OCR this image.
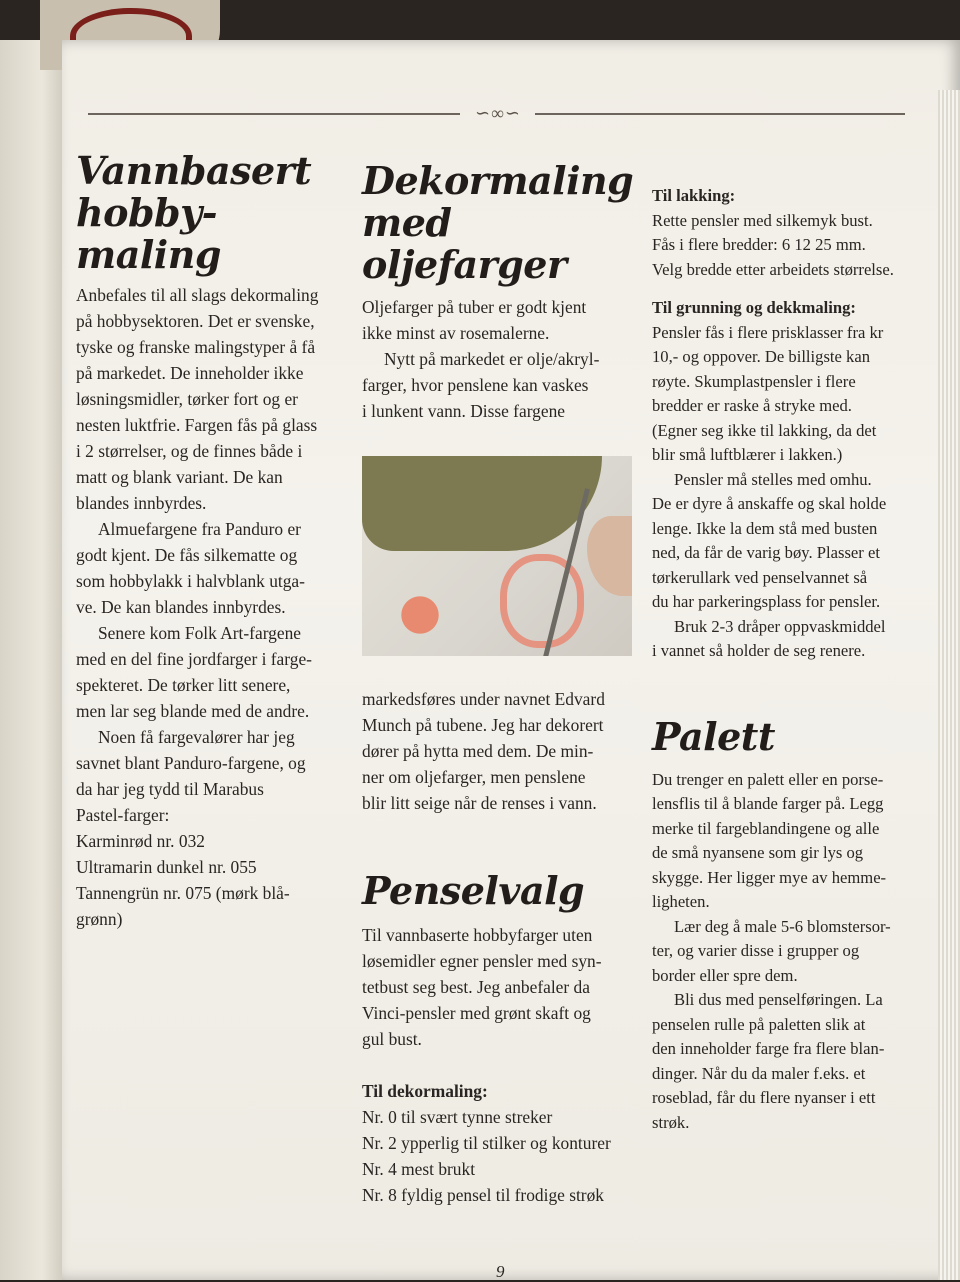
∽∞∽
Vannbasert
hobby-
maling

Anbefales til all slags dekormaling
på hobbysektoren. Det er svenske,
tyske og franske malingstyper å få
på markedet. De inneholder ikke
løsningsmidler, tørker fort og er
nesten luktfrie. Fargen fås på glass
i 2 størrelser, og de finnes både i
matt og blank variant. De kan
blandes innbyrdes.

Almuefargene fra Panduro er
godt kjent. De fås silkematte og
som hobbylakk i halvblank utga-
ve. De kan blandes innbyrdes.

Senere kom Folk Art-fargene
med en del fine jordfarger i farge-
spekteret. De tørker litt senere,
men lar seg blande med de andre.

Noen få fargevalører har jeg
savnet blant Panduro-fargene, og
da har jeg tydd til Marabus
Pastel-farger:
Karminrød nr. 032
Ultramarin dunkel nr. 055
Tannengrün nr. 075 (mørk blå-
grønn)

Dekormaling
med
oljefarger

Oljefarger på tuber er godt kjent
ikke minst av rosemalerne.

Nytt på markedet er olje/akryl-
farger, hvor penslene kan vaskes
i lunkent vann. Disse fargene

markedsføres under navnet Edvard
Munch på tubene. Jeg har dekorert
dører på hytta med dem. De min-
ner om oljefarger, men penslene
blir litt seige når de renses i vann.

Penselvalg

Til vannbaserte hobbyfarger uten
løsemidler egner pensler med syn-
tetbust seg best. Jeg anbefaler da
Vinci-pensler med grønt skaft og
gul bust.

Til dekormaling:

Nr. 0 til svært tynne streker
Nr. 2 ypperlig til stilker og konturer
Nr. 4 mest brukt
Nr. 8 fyldig pensel til frodige strøk

Til lakking:

Rette pensler med silkemyk bust.
Fås i flere bredder: 6 12 25 mm.
Velg bredde etter arbeidets størrelse.

Til grunning og dekkmaling:

Pensler fås i flere prisklasser fra kr
10,- og oppover. De billigste kan
røyte. Skumplastpensler i flere
bredder er raske å stryke med.
(Egner seg ikke til lakking, da det
blir små luftblærer i lakken.)

Pensler må stelles med omhu.
De er dyre å anskaffe og skal holde
lenge. Ikke la dem stå med busten
ned, da får de varig bøy. Plasser et
tørkerullark ved penselvannet så
du har parkeringsplass for pensler.

Bruk 2-3 dråper oppvaskmiddel
i vannet så holder de seg renere.

Palett

Du trenger en palett eller en porse-
lensflis til å blande farger på. Legg
merke til fargeblandingene og alle
de små nyansene som gir lys og
skygge. Her ligger mye av hemme-
ligheten.

Lær deg å male 5-6 blomstersor-
ter, og varier disse i grupper og
border eller spre dem.

Bli dus med penselføringen. La
penselen rulle på paletten slik at
den inneholder farge fra flere blan-
dinger. Når du da maler f.eks. et
roseblad, får du flere nyanser i ett
strøk.

9
